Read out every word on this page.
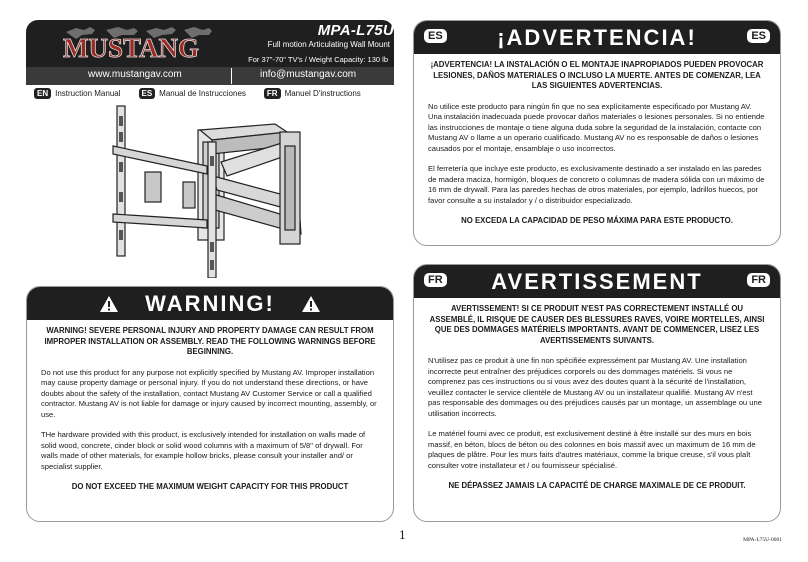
MUSTANG
MPA-L75U
Full motion Articulating Wall Mount
For 37"-70" TV's / Weight Capacity: 130 lb
www.mustangav.com	info@mustangav.com
EN Instruction Manual	ES Manual de Instrucciones	FR Manuel D'instructions
WARNING!
WARNING! SEVERE PERSONAL INJURY AND PROPERTY DAMAGE CAN RESULT FROM IMPROPER INSTALLATION OR ASSEMBLY. READ THE FOLLOWING WARNINGS BEFORE BEGINNING.

Do not use this product for any purpose not explicitly specified by Mustang AV. Improper installation may cause property damage or personal injury. If you do not understand these directions, or have doubts about the safety of the installation, contact Mustang AV Customer Service or call a qualified contractor. Mustang AV is not liable for damage or injury caused by incorrect mounting, assembly, or use.

THe hardware provided with this product, is exclusively intended for installation on walls made of solid wood, concrete, cinder block or solid wood columns with a maximum of 5/8" of drywall. For walls made of other materials, for example hollow bricks, please consult your installer and/ or specialist supplier.

DO NOT EXCEED THE MAXIMUM WEIGHT CAPACITY FOR THIS PRODUCT
ES ¡ADVERTENCIA!	ES
¡ADVERTENCIA! LA INSTALACIÓN O EL MONTAJE INAPROPIADOS PUEDEN PROVOCAR LESIONES, DAÑOS MATERIALES O INCLUSO LA MUERTE. ANTES DE COMENZAR, LEA LAS SIGUIENTES ADVERTENCIAS.

No utilice este producto para ningún fin que no sea explícitamente especificado por Mustang AV. Una instalación inadecuada puede provocar daños materiales o lesiones personales. Si no entiende las instrucciones de montaje o tiene alguna duda sobre la seguridad de la instalación, contacte con Mustang AV o llame a un operario cualificado. Mustang AV no es responsable de daños o lesiones causados por el montaje, ensamblaje o uso incorrectos.

El ferretería que incluye este producto, es exclusivamente destinado a ser instalado en las paredes de madera maciza, hormigón, bloques de concreto o columnas de madera sólida con un máximo de 16 mm de drywall. Para las paredes hechas de otros materiales, por ejemplo, ladrillos huecos, por favor consulte a su instalador y / o distribuidor especializado.

NO EXCEDA LA CAPACIDAD DE PESO MÁXIMA PARA ESTE PRODUCTO.
FR AVERTISSEMENT	FR
AVERTISSEMENT! SI CE PRODUIT N'EST PAS CORRECTEMENT INSTALLÉ OU ASSEMBLÉ, IL RISQUE DE CAUSER DES BLESSURES RAVES, VOIRE MORTELLES, AINSI QUE DES DOMMAGES MATÉRIELS IMPORTANTS. AVANT DE COMMENCER, LISEZ LES AVERTISSEMENTS SUIVANTS.

N'utilisez pas ce produit à une fin non spécifiée expressément par Mustang AV. Une installation incorrecte peut entraîner des préjudices corporels ou des dommages matériels. Si vous ne comprenez pas ces instructions ou si vous avez des doutes quant à la sécurité de l'installation, veuillez contacter le service clientèle de Mustang AV ou un installateur qualifié. Mustang AV n'est pas responsable des dommages ou des préjudices causés par un montage, un assemblage ou une utilisation incorrects.

Le matériel fourni avec ce produit, est exclusivement destiné à être installé sur des murs en bois massif, en béton, blocs de béton ou des colonnes en bois massif avec un maximum de 16 mm de plaques de plâtre. Pour les murs faits d'autres matériaux, comme la brique creuse, s'il vous plaît consulter votre installateur et / ou fournisseur spécialisé.

NE DÉPASSEZ JAMAIS LA CAPACITÉ DE CHARGE MAXIMALE DE CE PRODUIT.
1	MPA-L75U-0001
